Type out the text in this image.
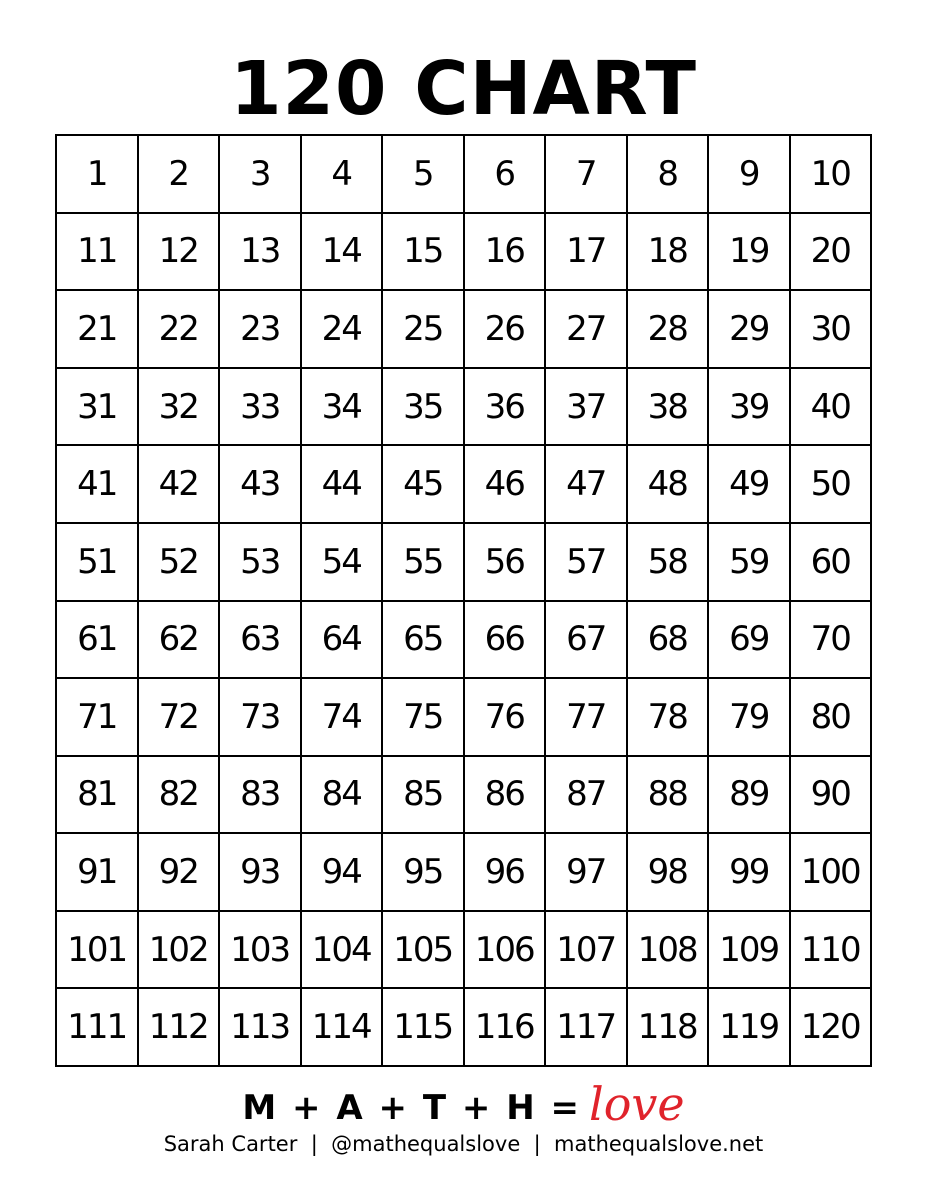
120 CHART
1	2	3	4	5	6	7	8	9	10
11	12	13	14	15	16	17	18	19	20
21	22	23	24	25	26	27	28	29	30
31	32	33	34	35	36	37	38	39	40
41	42	43	44	45	46	47	48	49	50
51	52	53	54	55	56	57	58	59	60
61	62	63	64	65	66	67	68	69	70
71	72	73	74	75	76	77	78	79	80
81	82	83	84	85	86	87	88	89	90
91	92	93	94	95	96	97	98	99 100
101 102 103 104 105 106 107 108 109 110
111 112 113 114 115 116 117 118 119 120
M + A + T + H = love
Sarah Carter  |  @mathequalslove  |  mathequalslove.net
